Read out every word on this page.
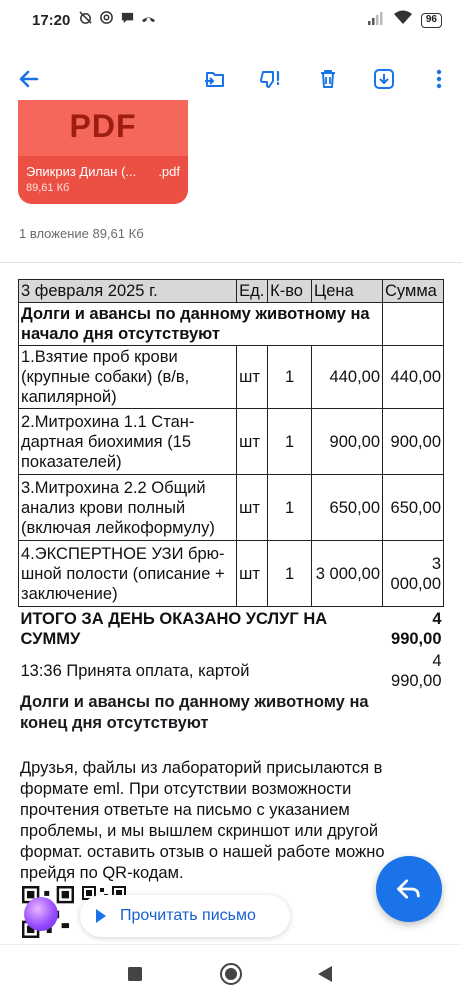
17:20	96
PDF
Эпикриз Дилан (... .pdf
89,61 Кб
1 вложение 89,61 Кб
3 февраля 2025 г.	Ед.	К-во	Цена	Сумма
Долги и авансы по данному животному на начало дня отсутствуют				
1.Взятие проб крови (крупные собаки) (в/в, капилярной)	шт	1	440,00	440,00
2.Митрохина 1.1 Стан-дартная биохимия (15 показателей)	шт	1	900,00	900,00
3.Митрохина 2.2 Общий анализ крови полный (включая лейкоформулу)	шт	1	650,00	650,00
4.ЭКСПЕРТНОЕ УЗИ брю-шной полости (описание + заключение)	шт	1	3 000,00	3 000,00
ИТОГО ЗА ДЕНЬ ОКАЗАНО УСЛУГ НА СУММУ				4 990,00
13:36 Принята оплата, картой				4 990,00
Долги и авансы по данному животному на конец дня отсутствуют
Друзья, файлы из лабораторий присылаются в формате eml. При отсутствии возможности прочтения ответьте на письмо с указанием проблемы, и мы вышлем скриншот или другой формат. оставить отзыв о нашей работе можно прейдя по QR-кодам.
Прочитать письмо
